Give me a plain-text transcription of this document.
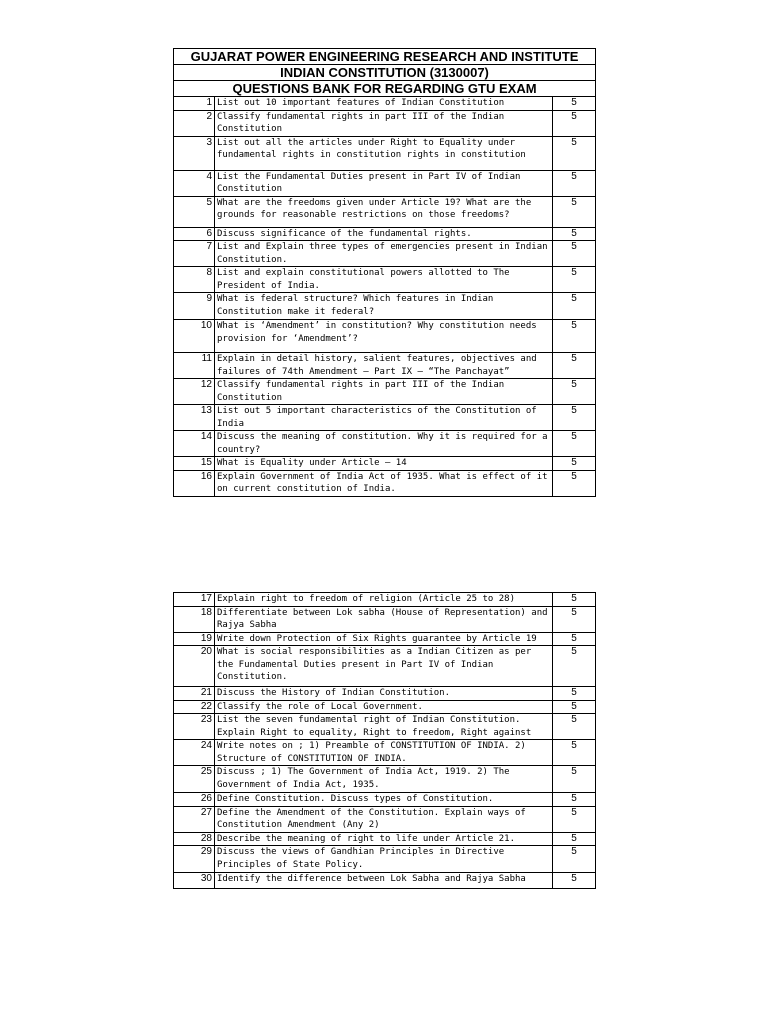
GUJARAT POWER ENGINEERING RESEARCH AND INSTITUTE		
INDIAN CONSTITUTION (3130007)		
QUESTIONS BANK FOR REGARDING GTU EXAM		
1	List out 10 important features of Indian Constitution	5
2	Classify fundamental rights in part III of the Indian Constitution	5
3	List out all the articles under Right to Equality under fundamental rights in constitution rights in constitution	5
4	List the Fundamental Duties present in Part IV of Indian Constitution	5
5	What are the freedoms given under Article 19? What are the grounds for reasonable restrictions on those freedoms?	5
6	Discuss significance of the fundamental rights.	5
7	List and Explain three types of emergencies present in Indian Constitution.	5
8	List and explain constitutional powers allotted to The President of India.	5
9	What is federal structure? Which features in Indian Constitution make it federal?	5
10	What is ‘Amendment’ in constitution? Why constitution needs provision for ‘Amendment’?	5
11	Explain in detail history, salient features, objectives and failures of 74th Amendment – Part IX – “The Panchayat”	5
12	Classify fundamental rights in part III of the Indian Constitution	5
13	List out 5 important characteristics of the Constitution of India	5
14	Discuss the meaning of constitution. Why it is required for a country?	5
15	What is Equality under Article – 14	5
16	Explain Government of India Act of 1935. What is effect of it on current constitution of India.	5
17	Explain right to freedom of religion (Article 25 to 28)	5
18	Differentiate between Lok sabha (House of Representation) and Rajya Sabha	5
19	Write down Protection of Six Rights guarantee by Article 19	5
20	What is social responsibilities as a Indian Citizen as per the Fundamental Duties present in Part IV of Indian Constitution.	5
21	Discuss the History of Indian Constitution.	5
22	Classify the role of Local Government.	5
23	List the seven fundamental right of Indian Constitution. Explain Right to equality, Right to freedom, Right against	5
24	Write notes on ; 1) Preamble of CONSTITUTION OF INDIA. 2) Structure of CONSTITUTION OF INDIA.	5
25	Discuss ; 1) The Government of India Act, 1919. 2) The Government of India Act, 1935.	5
26	Define Constitution. Discuss types of Constitution.	5
27	Define the Amendment of the Constitution. Explain ways of Constitution Amendment (Any 2)	5
28	Describe the meaning of right to life under Article 21.	5
29	Discuss the views of Gandhian Principles in Directive Principles of State Policy.	5
30	Identify the difference between Lok Sabha and Rajya Sabha	5
